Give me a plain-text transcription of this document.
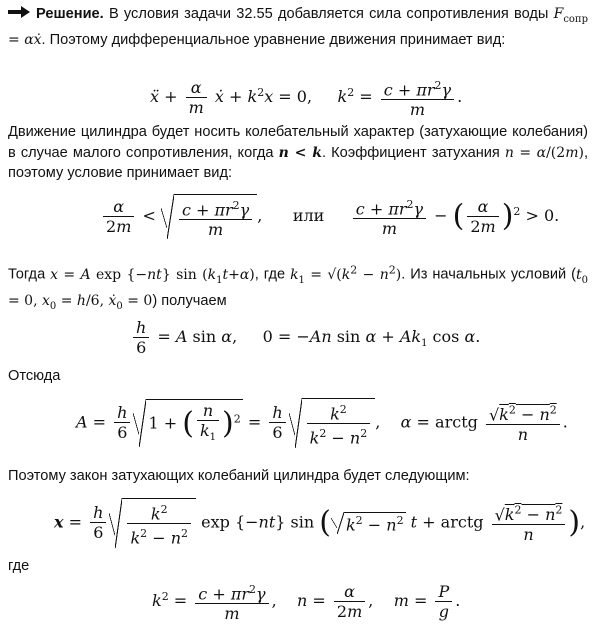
Решение. В условия задачи 32.55 добавляется сила сопротивления воды $F_{сопр}$ = αẋ. Поэтому дифференциальное уравнение движения принимает вид:
ẍ + $\frac{\alpha}{m}$ ẋ + $k^2x = 0$,     $k^2 = \frac{c + \pi r^2\gamma}{m}$ .
Движение цилиндра будет носить колебательный характер (затухающие колебания) в случае малого сопротивления, когда n < k. Коэффициент затухания n = α/(2m), поэтому условие принимает вид:
$\frac{\alpha}{2m} < \frac{c + \pi r^2\gamma}{m}$ ,      или $\frac{c + \pi r^2\gamma}{m}$ − ( $\frac{\alpha}{2m} )^2 > 0$.
Тогда x = A exp {−nt} $\sin (k_1t+\alpha)$, где $k_1 = √(k^2 - n^2)$. Из начальных условий ($t_0 = 0$, $x_0 = h/6$, ẋ$_0$ = 0) получаем
$\frac{h}{6} = A$ sin α,     0 = −An $\sin \alpha + Ak_1$ cos α.
Отсюда
$A = \frac{h}{6} 1$ + ( $\frac{n}{k_1} )^2 = \frac{h}{6} \frac{k^2}{k^2 - n^2}$ ,    α = arctg $\frac{√k^2 - n^2}{n}$ .
Поэтому закон затухающих колебаний цилиндра будет следующим:
$x = \frac{h}{6} \frac{k^2}{k^2 - n^2}$ exp {−nt} sin ( $k^2 - n^2$ t + arctg $\frac{√k^2 - n^2}{n}$ ),
где
$k^2 = \frac{c + \pi r^2\gamma}{m}$ ,    $n = \frac{\alpha}{2m}$ ,    $m = \frac{P}{g}$ .
